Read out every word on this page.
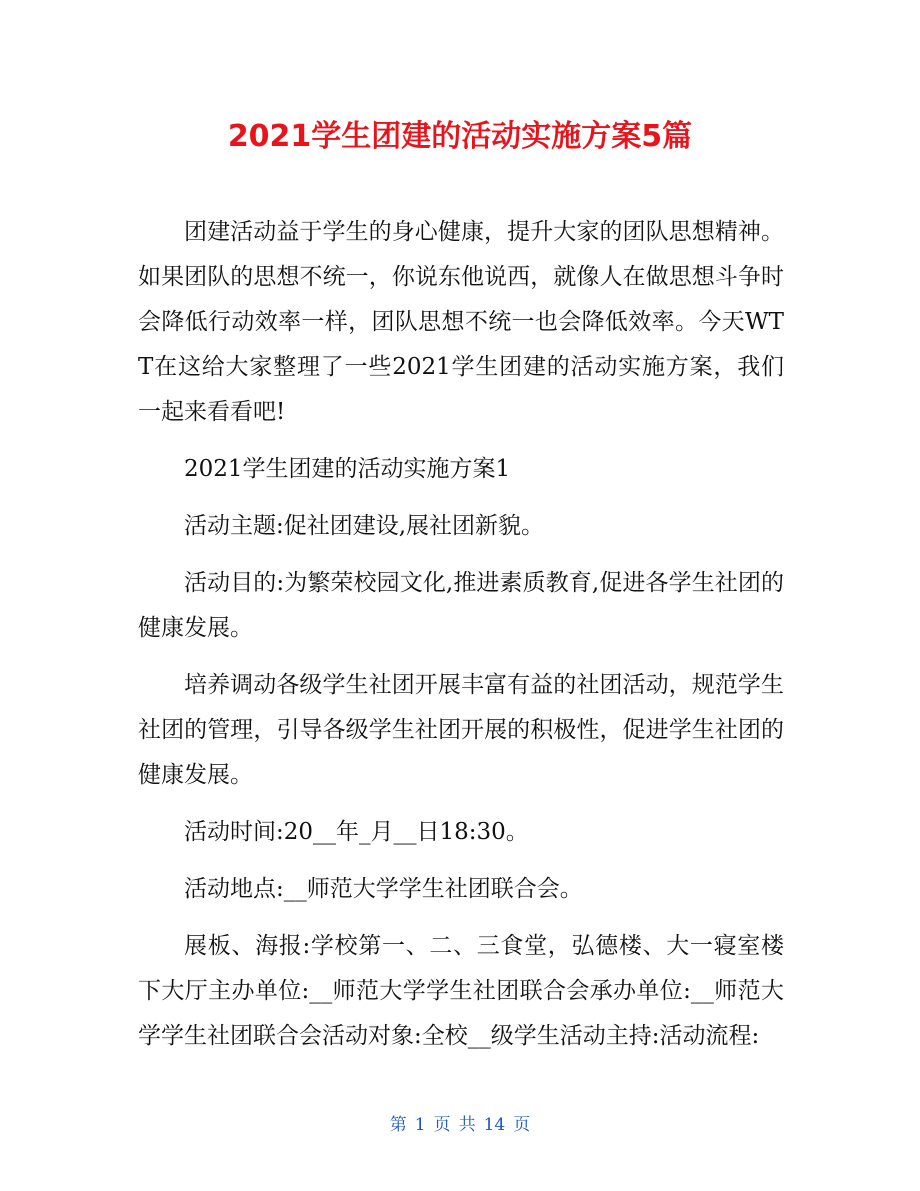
2021学生团建的活动实施方案5篇

团建活动益于学生的身心健康，提升大家的团队思想精神。如果团队的思想不统一，你说东他说西，就像人在做思想斗争时会降低行动效率一样，团队思想不统一也会降低效率。今天WTT在这给大家整理了一些2021学生团建的活动实施方案，我们一起来看看吧!

2021学生团建的活动实施方案1

活动主题:促社团建设,展社团新貌。

活动目的:为繁荣校园文化,推进素质教育,促进各学生社团的健康发展。

培养调动各级学生社团开展丰富有益的社团活动，规范学生社团的管理，引导各级学生社团开展的积极性，促进学生社团的健康发展。

活动时间:20__年_月__日18:30。

活动地点:__师范大学学生社团联合会。

展板、海报:学校第一、二、三食堂，弘德楼、大一寝室楼下大厅主办单位:__师范大学学生社团联合会承办单位:__师范大学学生社团联合会活动对象:全校__级学生活动主持:活动流程:

第 1 页 共 14 页
